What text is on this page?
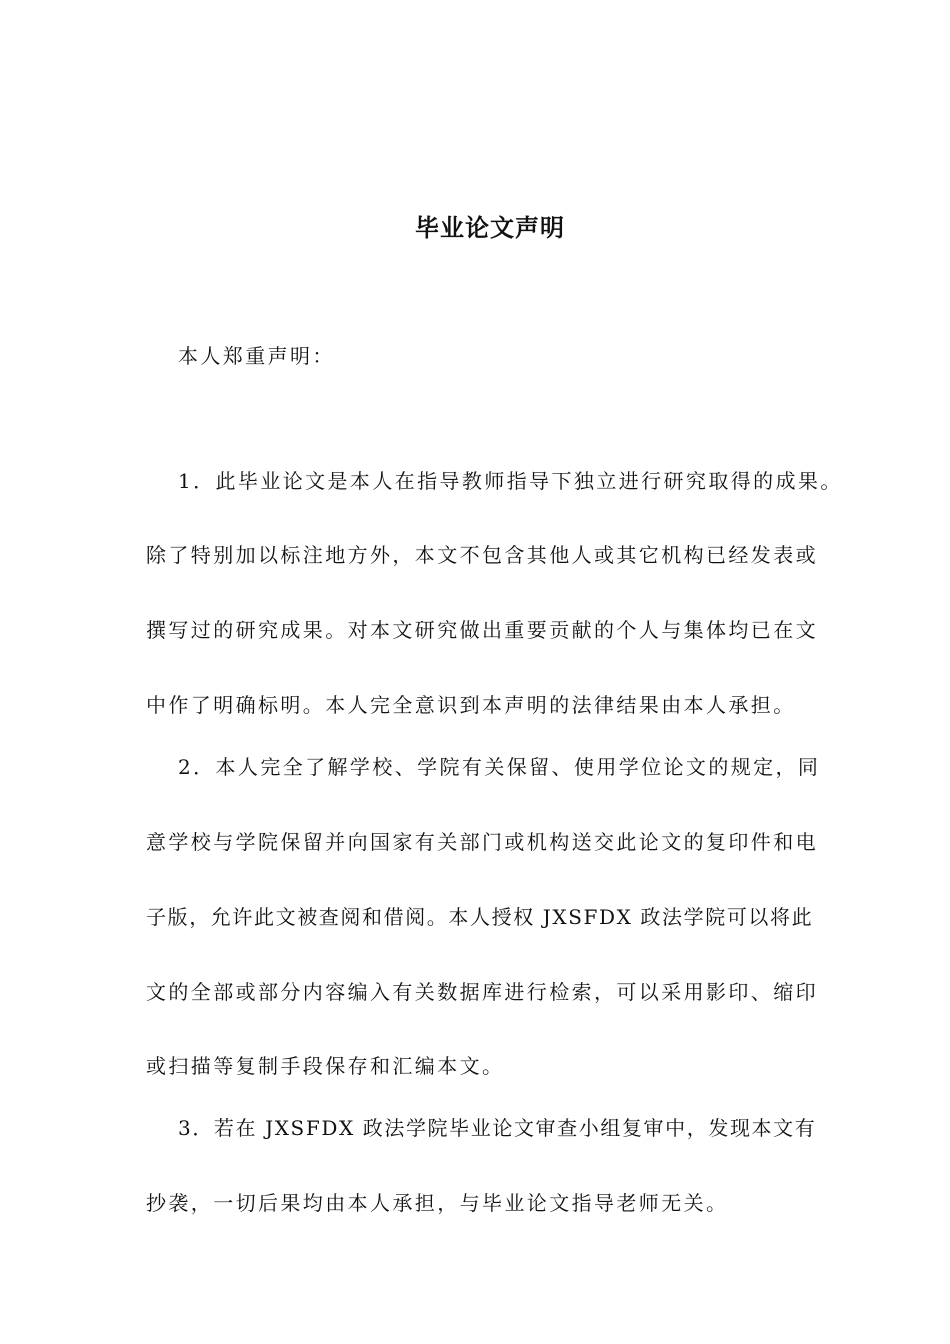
毕业论文声明

本人郑重声明：

1．此毕业论文是本人在指导教师指导下独立进行研究取得的成果。

除了特别加以标注地方外，本文不包含其他人或其它机构已经发表或

撰写过的研究成果。对本文研究做出重要贡献的个人与集体均已在文

中作了明确标明。本人完全意识到本声明的法律结果由本人承担。

2．本人完全了解学校、学院有关保留、使用学位论文的规定，同

意学校与学院保留并向国家有关部门或机构送交此论文的复印件和电

子版，允许此文被查阅和借阅。本人授权 JXSFDX 政法学院可以将此

文的全部或部分内容编入有关数据库进行检索，可以采用影印、缩印

或扫描等复制手段保存和汇编本文。

3．若在 JXSFDX 政法学院毕业论文审查小组复审中，发现本文有

抄袭，一切后果均由本人承担，与毕业论文指导老师无关。
